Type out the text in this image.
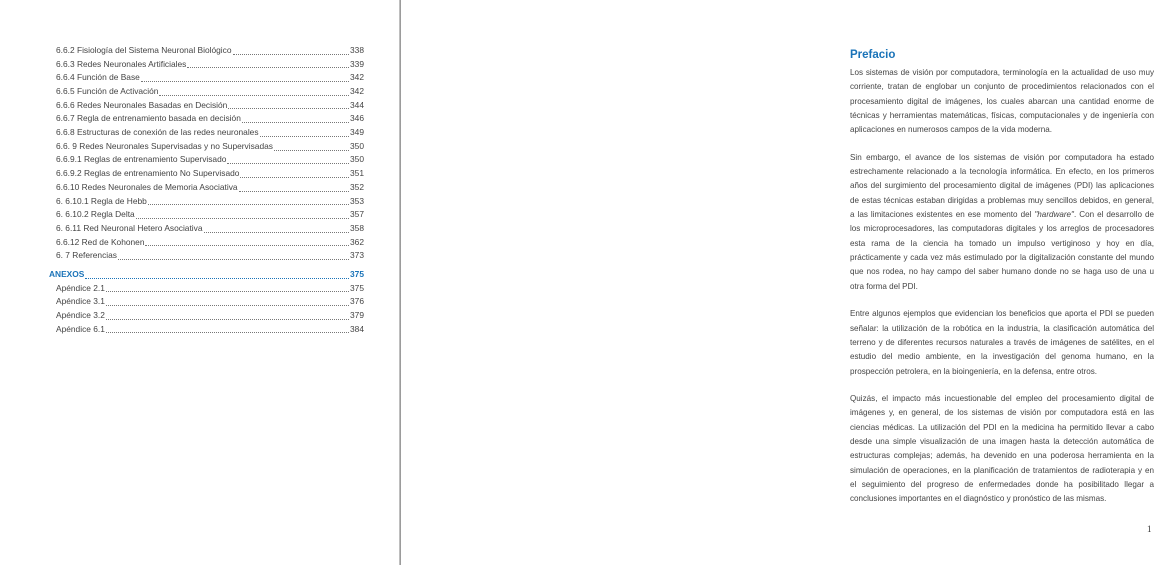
6.6.2 Fisiología del Sistema Neuronal Biológico	338
6.6.3 Redes Neuronales Artificiales	339
6.6.4 Función de Base	342
6.6.5 Función de Activación	342
6.6.6 Redes Neuronales Basadas en Decisión	344
6.6.7 Regla de entrenamiento basada en decisión	346
6.6.8 Estructuras de conexión de las redes neuronales	349
6.6. 9 Redes Neuronales Supervisadas y no Supervisadas	350
6.6.9.1 Reglas de entrenamiento Supervisado	350
6.6.9.2 Reglas de entrenamiento No Supervisado	351
6.6.10 Redes Neuronales de Memoria Asociativa	352
6. 6.10.1 Regla de Hebb	353
6. 6.10.2 Regla Delta	357
6. 6.11 Red Neuronal Hetero Asociativa	358
6.6.12 Red de Kohonen	362
6. 7 Referencias	373
ANEXOS	375
Apéndice 2.1	375
Apéndice 3.1	376
Apéndice 3.2	379
Apéndice 6.1	384
Prefacio

Los sistemas de visión por computadora, terminología en la actualidad de uso muy corriente, tratan de englobar un conjunto de procedimientos relacionados con el procesamiento digital de imágenes, los cuales abarcan una cantidad enorme de técnicas y herramientas matemáticas, físicas, computacionales y de ingeniería con aplicaciones en numerosos campos de la vida moderna.

Sin embargo, el avance de los sistemas de visión por computadora ha estado estrechamente relacionado a la tecnología informática. En efecto, en los primeros años del surgimiento del procesamiento digital de imágenes (PDI) las aplicaciones de estas técnicas estaban dirigidas a problemas muy sencillos debidos, en general, a las limitaciones existentes en ese momento del "hardware". Con el desarrollo de los microprocesadores, las computadoras digitales y los arreglos de procesadores esta rama de la ciencia ha tomado un impulso vertiginoso y hoy en día, prácticamente y cada vez más estimulado por la digitalización constante del mundo que nos rodea, no hay campo del saber humano donde no se haga uso de una u otra forma del PDI.

Entre algunos ejemplos que evidencian los beneficios que aporta el PDI se pueden señalar: la utilización de la robótica en la industria, la clasificación automática del terreno y de diferentes recursos naturales a través de imágenes de satélites, en el estudio del medio ambiente, en la investigación del genoma humano, en la prospección petrolera, en la bioingeniería, en la defensa, entre otros.

Quizás, el impacto más incuestionable del empleo del procesamiento digital de imágenes y, en general, de los sistemas de visión por computadora está en las ciencias médicas. La utilización del PDI en la medicina ha permitido llevar a cabo desde una simple visualización de una imagen hasta la detección automática de estructuras complejas; además, ha devenido en una poderosa herramienta en la simulación de operaciones, en la planificación de tratamientos de radioterapia y en el seguimiento del progreso de enfermedades donde ha posibilitado llegar a conclusiones importantes en el diagnóstico y pronóstico de las mismas.

1
